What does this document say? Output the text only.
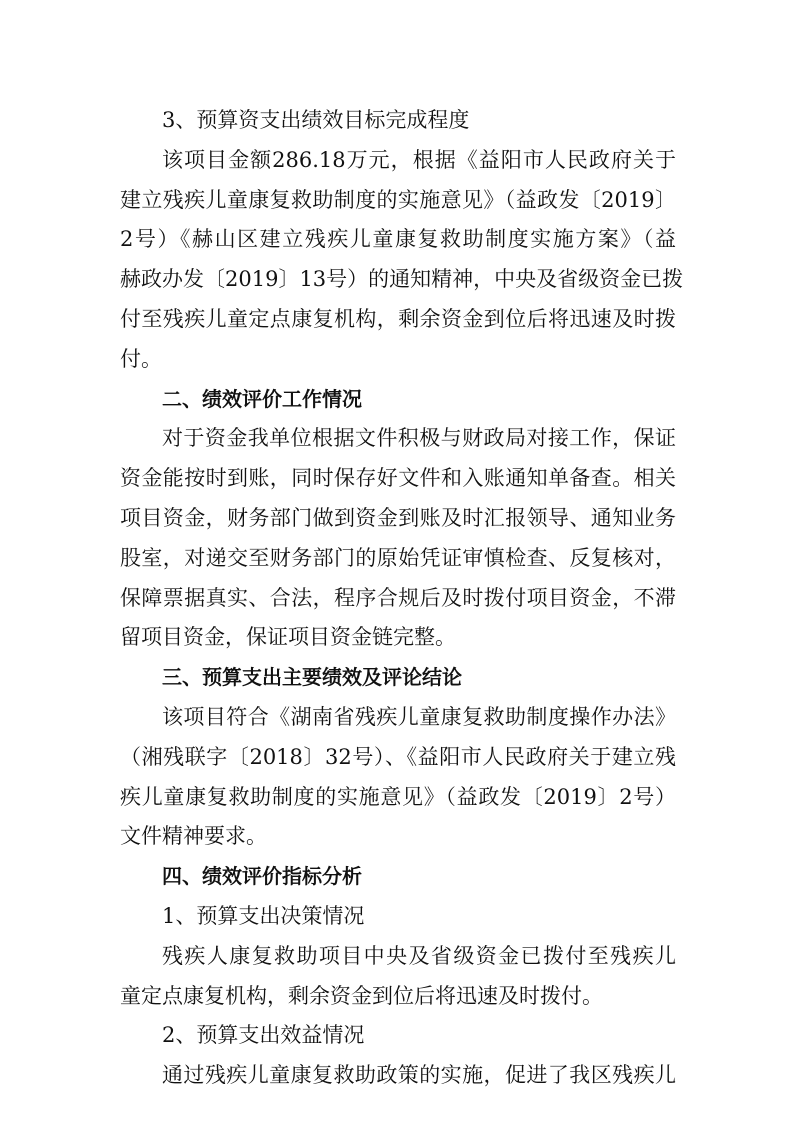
3、预算资支出绩效目标完成程度
该项目金额286.18万元，根据《益阳市人民政府关于
建立残疾儿童康复救助制度的实施意见》（益政发〔2019〕
2号）《赫山区建立残疾儿童康复救助制度实施方案》（益
赫政办发〔2019〕13号）的通知精神，中央及省级资金已拨
付至残疾儿童定点康复机构，剩余资金到位后将迅速及时拨
付。
二、绩效评价工作情况
对于资金我单位根据文件积极与财政局对接工作，保证
资金能按时到账，同时保存好文件和入账通知单备查。相关
项目资金，财务部门做到资金到账及时汇报领导、通知业务
股室，对递交至财务部门的原始凭证审慎检查、反复核对，
保障票据真实、合法，程序合规后及时拨付项目资金，不滞
留项目资金，保证项目资金链完整。
三、预算支出主要绩效及评论结论
该项目符合《湖南省残疾儿童康复救助制度操作办法》
（湘残联字〔2018〕32号）、《益阳市人民政府关于建立残
疾儿童康复救助制度的实施意见》（益政发〔2019〕2号）
文件精神要求。
四、绩效评价指标分析
1、预算支出决策情况
残疾人康复救助项目中央及省级资金已拨付至残疾儿
童定点康复机构，剩余资金到位后将迅速及时拨付。
2、预算支出效益情况
通过残疾儿童康复救助政策的实施，促进了我区残疾儿
